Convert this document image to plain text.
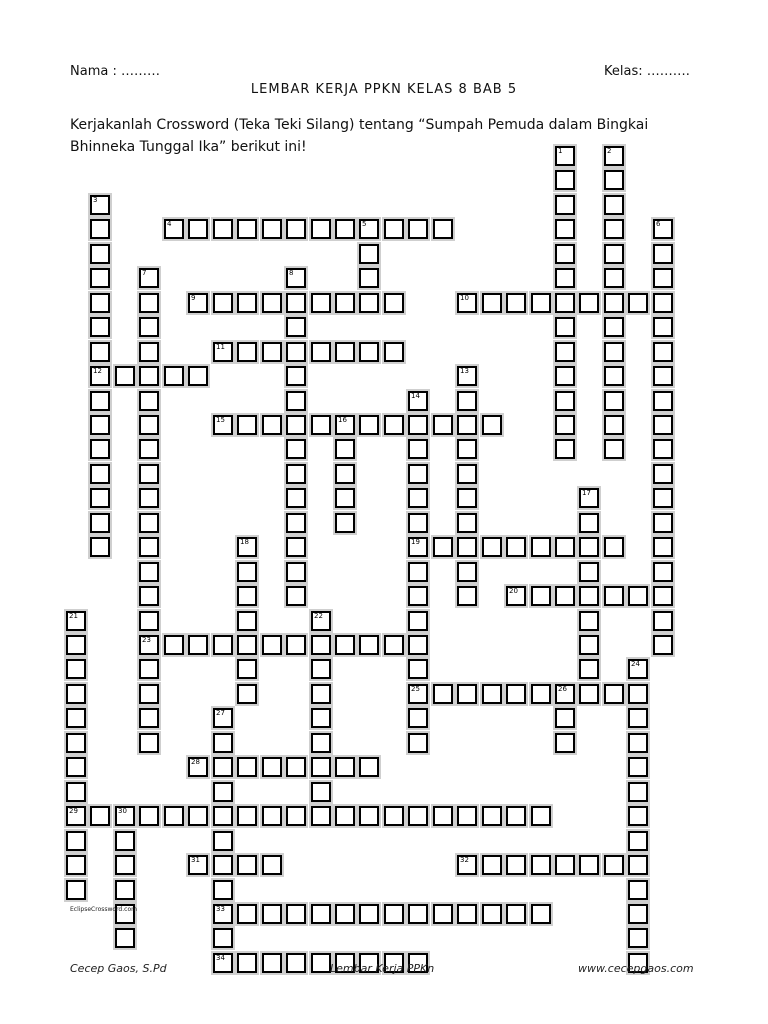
Nama : ………	Kelas: ……….
LEMBAR KERJA PPKN KELAS 8 BAB 5
Kerjakanlah Crossword (Teka Teki Silang) tentang “Sumpah Pemuda dalam Bingkai
Bhinneka Tunggal Ika” berikut ini!	1	2
3
4	5	6
7	8
9	10
11
12	13
14
15	16
17
18	19
20
21	22
23
24
25	26
27
28
29	30
31	32
33
34
EclipseCrossword.com
Cecep Gaos, S.Pd	Lembar Kerja PPKn	www.cecepgaos.com
